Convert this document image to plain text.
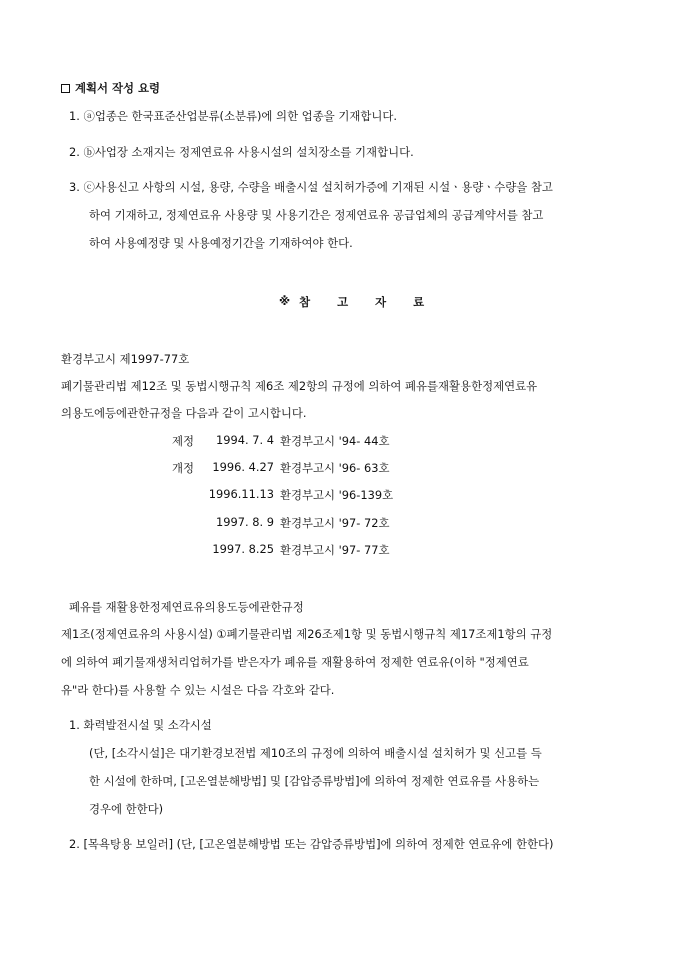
계획서 작성 요령
1. ⓐ업종은 한국표준산업분류(소분류)에 의한 업종을 기재합니다.
2. ⓑ사업장 소재지는 정제연료유 사용시설의 설치장소를 기재합니다.
3. ⓒ사용신고 사항의 시설, 용량, 수량을 배출시설 설치허가증에 기재된 시설ㆍ용량ㆍ수량을 참고
하여 기재하고, 정제연료유 사용량 및 사용기간은 정제연료유 공급업체의 공급계약서를 참고
하여 사용예정량 및 사용예정기간을 기재하여야 한다.
※ 참 고 자 료
환경부고시 제1997-77호
폐기물관리법 제12조 및 동법시행규칙 제6조 제2항의 규정에 의하여 폐유를재활용한정제연료유
의용도에등에관한규정을 다음과 같이 고시합니다.
제정	1994. 7. 4 환경부고시 '94- 44호
개정	1996. 4.27 환경부고시 '96- 63호
1996.11.13 환경부고시 '96-139호
1997. 8. 9 환경부고시 '97- 72호
1997. 8.25 환경부고시 '97- 77호
폐유를 재활용한정제연료유의용도등에관한규정
제1조(정제연료유의 사용시설) ①폐기물관리법 제26조제1항 및 동법시행규칙 제17조제1항의 규정
에 의하여 폐기물재생처리업허가를 받은자가 폐유를 재활용하여 정제한 연료유(이하 "정제연료
유"라 한다)를 사용할 수 있는 시설은 다음 각호와 같다.
1. 화력발전시설 및 소각시설
(단, [소각시설]은 대기환경보전법 제10조의 규정에 의하여 배출시설 설치허가 및 신고를 득
한 시설에 한하며, [고온열분해방법] 및 [감압증류방법]에 의하여 정제한 연료유를 사용하는
경우에 한한다)
2. [목욕탕용 보일러] (단, [고온열분해방법 또는 감압증류방법]에 의하여 정제한 연료유에 한한다)
